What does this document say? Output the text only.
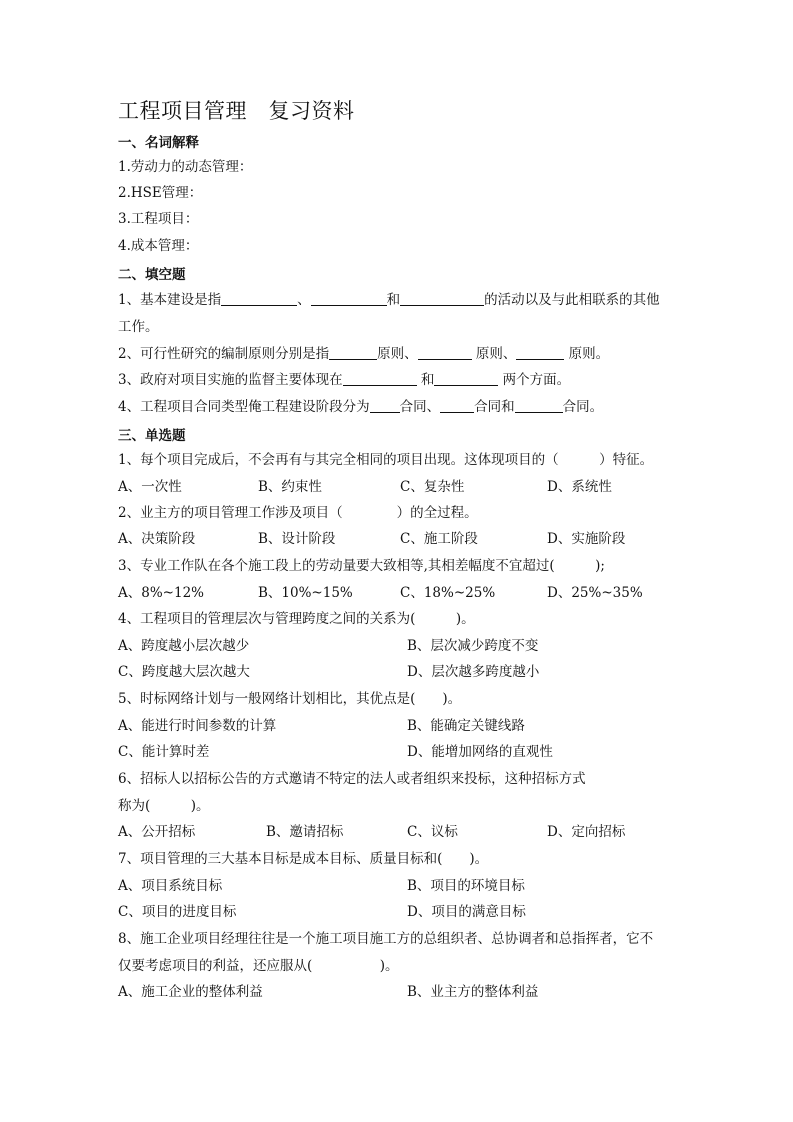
工程项目管理　复习资料
一、名词解释
1.劳动力的动态管理：
2.HSE管理：
3.工程项目：
4.成本管理：
二、填空题
1、基本建设是指	、	和	的活动以及与此相联系的其他
工作。
2、可行性研究的编制原则分别是指	原则、	原则、	原则。
3、政府对项目实施的监督主要体现在	和	两个方面。
4、工程项目合同类型俺工程建设阶段分为 合同、	合同和	合同。
三、单选题
1、每个项目完成后，不会再有与其完全相同的项目出现。这体现项目的（　　　）特征。
A、一次性	B、约束性	C、复杂性	D、系统性
2、业主方的项目管理工作涉及项目（　　　　）的全过程。
A、决策阶段	B、设计阶段	C、施工阶段	D、实施阶段
3、专业工作队在各个施工段上的劳动量要大致相等,其相差幅度不宜超过(　　　);
A、8%~12%	B、10%~15%	C、18%~25%	D、25%~35%
4、工程项目的管理层次与管理跨度之间的关系为(　　　)。
A、跨度越小层次越少	B、层次减少跨度不变
C、跨度越大层次越大	D、层次越多跨度越小
5、时标网络计划与一般网络计划相比，其优点是(　　)。
A、能进行时间参数的计算	B、能确定关键线路
C、能计算时差	D、能增加网络的直观性
6、招标人以招标公告的方式邀请不特定的法人或者组织来投标，这种招标方式
称为(　　　)。
A、公开招标	B、邀请招标	C、议标	D、定向招标
7、项目管理的三大基本目标是成本目标、质量目标和(　　)。
A、项目系统目标	B、项目的环境目标
C、项目的进度目标	D、项目的满意目标
8、施工企业项目经理往往是一个施工项目施工方的总组织者、总协调者和总指挥者，它不
仅要考虑项目的利益，还应服从(　　　　　)。
A、施工企业的整体利益	B、业主方的整体利益
